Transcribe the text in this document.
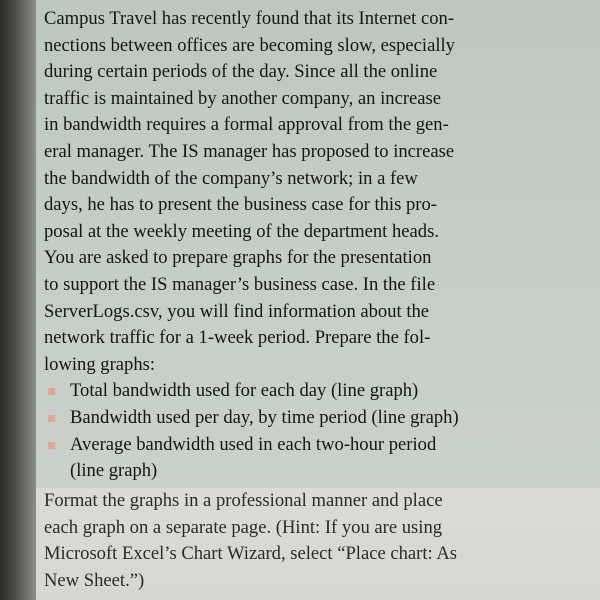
Campus Travel has recently found that its Internet con-
nections between offices are becoming slow, especially
during certain periods of the day. Since all the online
traffic is maintained by another company, an increase
in bandwidth requires a formal approval from the gen-
eral manager. The IS manager has proposed to increase
the bandwidth of the company’s network; in a few
days, he has to present the business case for this pro-
posal at the weekly meeting of the department heads.
You are asked to prepare graphs for the presentation
to support the IS manager’s business case. In the file
ServerLogs.csv, you will find information about the
network traffic for a 1-week period. Prepare the fol-
lowing graphs:
Total bandwidth used for each day (line graph)
Bandwidth used per day, by time period (line graph)
Average bandwidth used in each two-hour period
(line graph)
Format the graphs in a professional manner and place
each graph on a separate page. (Hint: If you are using
Microsoft Excel’s Chart Wizard, select “Place chart: As
New Sheet.”)
